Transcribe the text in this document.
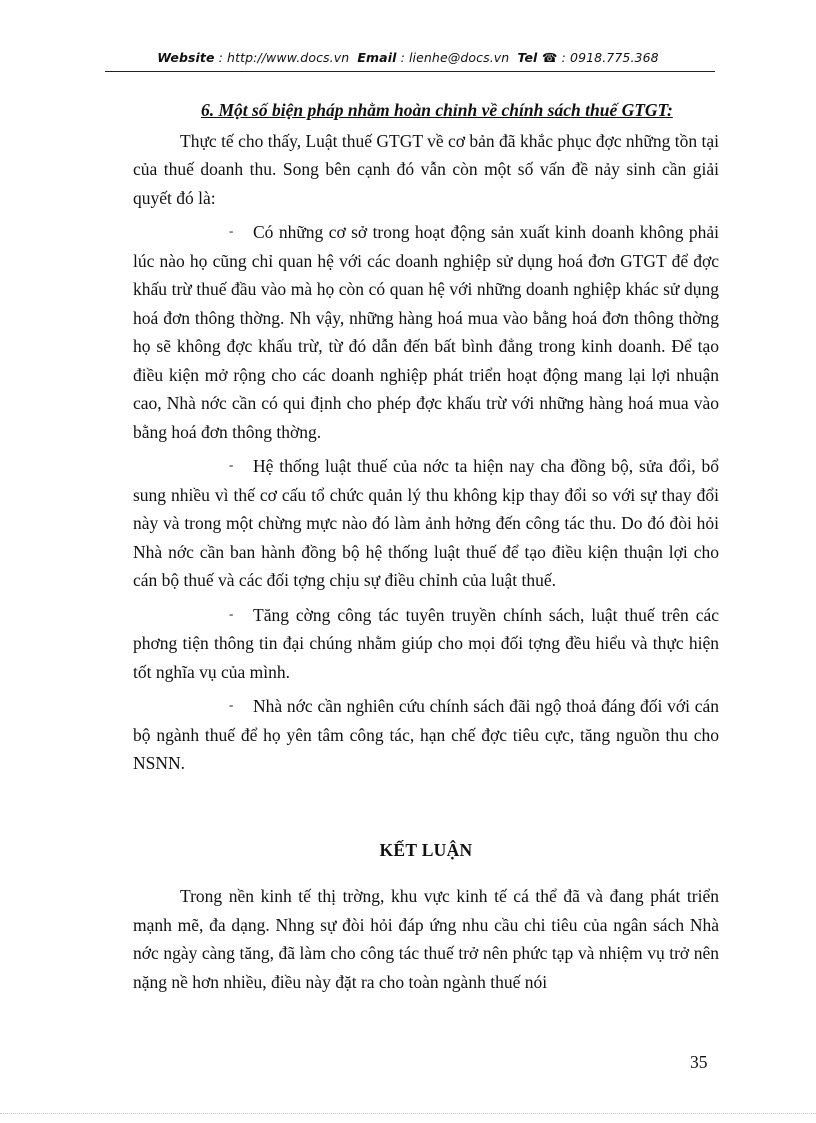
Website : http://www.docs.vn Email : lienhe@docs.vn Tel ☎ : 0918.775.368
6. Một số biện pháp nhằm hoàn chỉnh về chính sách thuế GTGT:

Thực tế cho thấy, Luật thuế GTGT về cơ bản đã khắc phục đợc những tồn tại của thuế doanh thu. Song bên cạnh đó vẫn còn một số vấn đề nảy sinh cần giải quyết đó là:

- Có những cơ sở trong hoạt động sản xuất kinh doanh không phải lúc nào họ cũng chỉ quan hệ với các doanh nghiệp sử dụng hoá đơn GTGT để đợc khấu trừ thuế đầu vào mà họ còn có quan hệ với những doanh nghiệp khác sử dụng hoá đơn thông thờng. Nh vậy, những hàng hoá mua vào bằng hoá đơn thông thờng họ sẽ không đợc khấu trừ, từ đó dẫn đến bất bình đẳng trong kinh doanh. Để tạo điều kiện mở rộng cho các doanh nghiệp phát triển hoạt động mang lại lợi nhuận cao, Nhà nớc cần có qui định cho phép đợc khấu trừ với những hàng hoá mua vào bằng hoá đơn thông thờng.

- Hệ thống luật thuế của nớc ta hiện nay cha đồng bộ, sửa đổi, bổ sung nhiều vì thế cơ cấu tổ chức quản lý thu không kịp thay đổi so với sự thay đổi này và trong một chừng mực nào đó làm ảnh hởng đến công tác thu. Do đó đòi hỏi Nhà nớc cần ban hành đồng bộ hệ thống luật thuế để tạo điều kiện thuận lợi cho cán bộ thuế và các đối tợng chịu sự điều chỉnh của luật thuế.

- Tăng cờng công tác tuyên truyền chính sách, luật thuế trên các phơng tiện thông tin đại chúng nhằm giúp cho mọi đối tợng đều hiểu và thực hiện tốt nghĩa vụ của mình.

- Nhà nớc cần nghiên cứu chính sách đãi ngộ thoả đáng đối với cán bộ ngành thuế để họ yên tâm công tác, hạn chế đợc tiêu cực, tăng nguồn thu cho NSNN.

KẾT LUẬN

Trong nền kinh tế thị trờng, khu vực kinh tế cá thể đã và đang phát triển mạnh mẽ, đa dạng. Nhng sự đòi hỏi đáp ứng nhu cầu chi tiêu của ngân sách Nhà nớc ngày càng tăng, đã làm cho công tác thuế trở nên phức tạp và nhiệm vụ trở nên nặng nề hơn nhiều, điều này đặt ra cho toàn ngành thuế nói

35
